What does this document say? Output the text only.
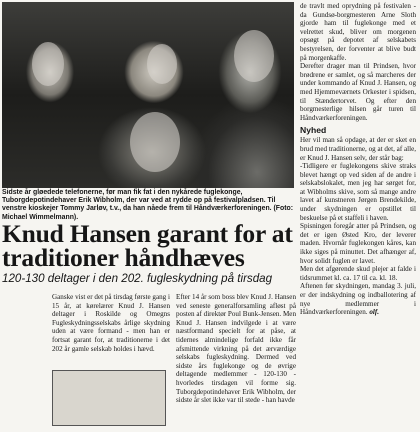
Sidste år gløedede telefonerne, før man fik fat i den nykårede fuglekonge, Tuborgdepotindehaver Erik Wibholm, der var ved at rydde op på festivalpladsen. Til venstre kioskejer Tommy Jarløv, t.v., da han nåede frem til Håndværkerforeningen. (Foto: Michael Wimmelmann).

Knud Hansen garant for at traditioner håndhæves
120-130 deltager i den 202. fugleskydning på tirsdag

Ganske vist er det på tirsdag første gang i 15 år, at kørelærer Knud J. Hansen deltager i Roskilde og Omegns Fugleskydningsselskabs årlige skydning uden at være formand - men han er fortsat garant for, at traditionerne i det 202 år gamle selskab holdes i hævd.

Efter 14 år som boss blev Knud J. Hansen ved seneste generalforsamling afløst på posten af direktør Poul Bunk-Jensen. Men Knud J. Hansen indvilgede i at være næstformand specielt for at påse, at tidernes almindelige forfald ikke får afsmittende virkning på det ærværdige selskabs fugleskydning. Dermed ved sidste års fuglekonge og de øvrige deltagende medlemmer - 120-130 - hvorledes tirsdagen vil forme sig. Tuborgdepotindehaver Erik Wibholm, der sidste år slet ikke var til stede - han havde

de travlt med oprydning på festivalen - da Gundsø-borgmesteren Arne Sloth gjorde ham til fuglekonge med et velrettet skud, bliver om morgenen opsøgt på depotet af selskabets bestyrelsen, der forventer at blive budt på morgenkaffe.

Derefter drager man til Prindsen, hvor brødrene er samlet, og så marcheres der under kommando af Knud J. Hansen, og med Hjemmeværnets Orkester i spidsen, til Stændertorvet. Og efter den borgmesterlige hilsen går turen til Håndværkerforeningen.

Nyhed

Her vil man så opdage, at der er sket en brud med traditionerne, og at det, af alle, er Knud J. Hansen selv, der står bag:

-Tidligere er fuglekongens skive straks blevet hængt op ved siden af de andre i selskabslokalet, men jeg har sørget for, at Wibholms skive, som så mange andre lavet af kunstneren Jørgen Brendekilde, under skydningen er opstillet til beskuelse på et staffeli i haven.

Spisningen foregår atter på Prindsen, og det er igen Østed Kro, der leverer maden. Hvornår fuglekongen kåres, kan ikke siges på minuttet. Det afhænger af, hvor solidt fuglen er lavet.

Men det afgørende skud plejer at falde i tidsrummet kl. ca. 17 til ca. kl. 18.

Aftenen før skydningen, mandag 3. juli, er der indskydning og indballotering af nye medlemmer i Håndværkerforeningen. olf.
